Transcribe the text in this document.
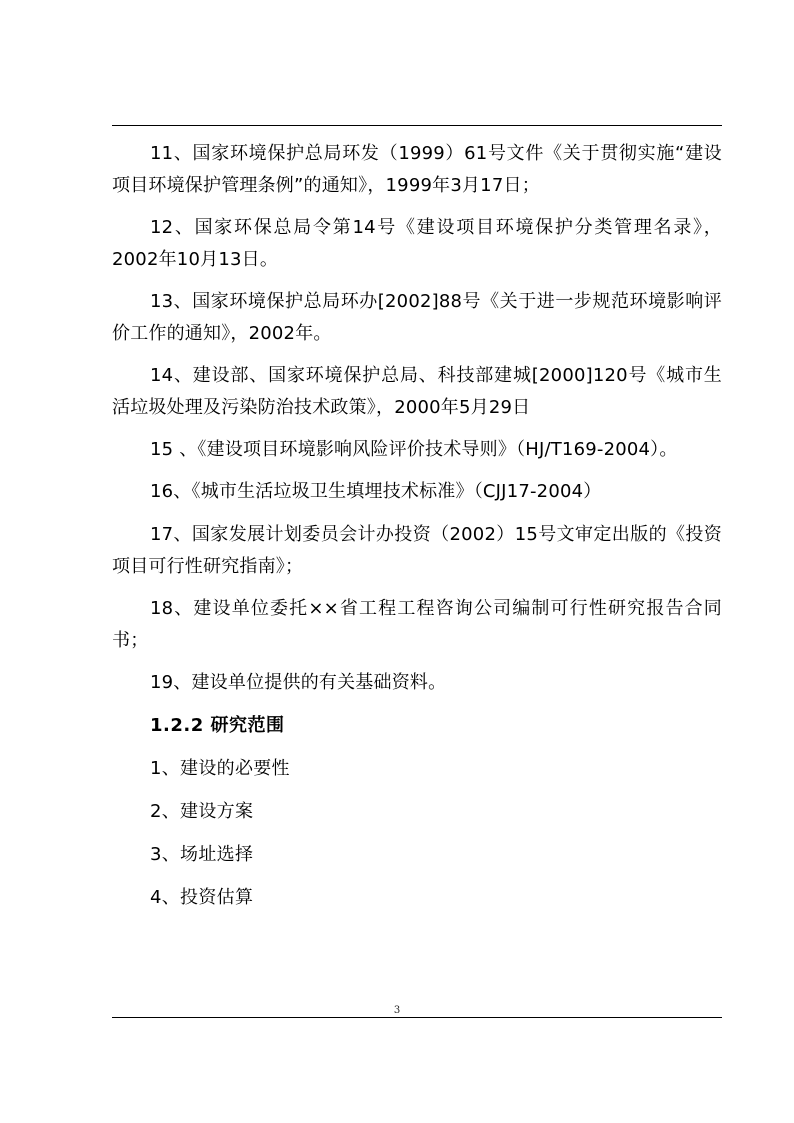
11、国家环境保护总局环发（1999）61号文件《关于贯彻实施“建设项目环境保护管理条例”的通知》，1999年3月17日；

12、国家环保总局令第14号《建设项目环境保护分类管理名录》，2002年10月13日。

13、国家环境保护总局环办[2002]88号《关于进一步规范环境影响评价工作的通知》，2002年。

14、建设部、国家环境保护总局、科技部建城[2000]120号《城市生活垃圾处理及污染防治技术政策》，2000年5月29日

15 、《建设项目环境影响风险评价技术导则》（HJ/T169-2004）。

16、《城市生活垃圾卫生填埋技术标准》（CJJ17-2004）

17、国家发展计划委员会计办投资（2002）15号文审定出版的《投资项目可行性研究指南》；

18、建设单位委托××省工程工程咨询公司编制可行性研究报告合同书；

19、建设单位提供的有关基础资料。

1.2.2 研究范围

1、建设的必要性

2、建设方案

3、场址选择

4、投资估算

3
